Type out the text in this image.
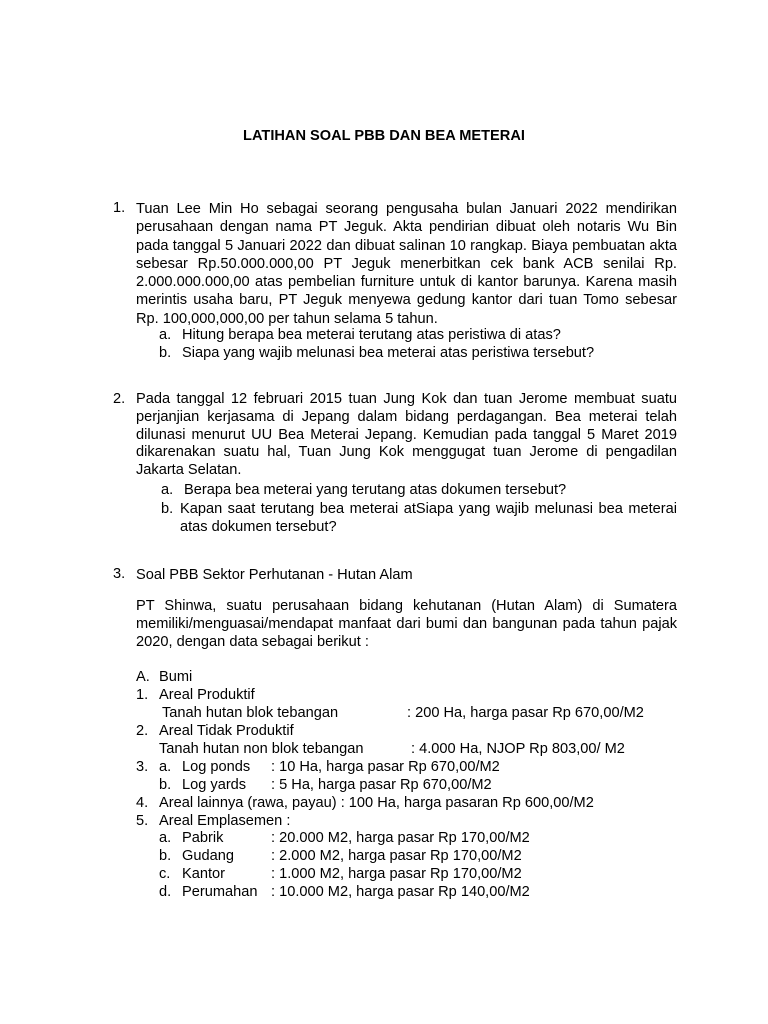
LATIHAN SOAL PBB DAN BEA METERAI
1. Tuan Lee Min Ho sebagai seorang pengusaha bulan Januari 2022 mendirikan perusahaan dengan nama PT Jeguk. Akta pendirian dibuat oleh notaris Wu Bin pada tanggal 5 Januari 2022 dan dibuat salinan 10 rangkap. Biaya pembuatan akta sebesar Rp.50.000.000,00 PT Jeguk menerbitkan cek bank ACB senilai Rp. 2.000.000.000,00 atas pembelian furniture untuk di kantor barunya. Karena masih merintis usaha baru, PT Jeguk menyewa gedung kantor dari tuan Tomo sebesar Rp. 100,000,000,00 per tahun selama 5 tahun.
a. Hitung berapa bea meterai terutang atas peristiwa di atas?
b. Siapa yang wajib melunasi bea meterai atas peristiwa tersebut?
2. Pada tanggal 12 februari 2015 tuan Jung Kok dan tuan Jerome membuat suatu perjanjian kerjasama di Jepang dalam bidang perdagangan. Bea meterai telah dilunasi menurut UU Bea Meterai Jepang. Kemudian pada tanggal 5 Maret 2019 dikarenakan suatu hal, Tuan Jung Kok menggugat tuan Jerome di pengadilan Jakarta Selatan.
a. Berapa bea meterai yang terutang atas dokumen tersebut?
b. Kapan saat terutang bea meterai atSiapa yang wajib melunasi bea meterai atas dokumen tersebut?
3. Soal PBB Sektor Perhutanan - Hutan Alam
PT Shinwa, suatu perusahaan bidang kehutanan (Hutan Alam) di Sumatera memiliki/menguasai/mendapat manfaat dari bumi dan bangunan pada tahun pajak 2020, dengan data sebagai berikut :
A. Bumi
1. Areal Produktif
Tanah hutan blok tebangan	: 200 Ha, harga pasar Rp 670,00/M2
2. Areal Tidak Produktif
Tanah hutan non blok tebangan	: 4.000 Ha, NJOP Rp 803,00/ M2
3. a. Log ponds : 10 Ha, harga pasar Rp 670,00/M2
b. Log yards : 5 Ha, harga pasar Rp 670,00/M2
4. Areal lainnya (rawa, payau) : 100 Ha, harga pasaran Rp 600,00/M2
5. Areal Emplasemen :
a. Pabrik	: 20.000 M2, harga pasar Rp 170,00/M2
b. Gudang	: 2.000 M2, harga pasar Rp 170,00/M2
c. Kantor	: 1.000 M2, harga pasar Rp 170,00/M2
d. Perumahan : 10.000 M2, harga pasar Rp 140,00/M2
